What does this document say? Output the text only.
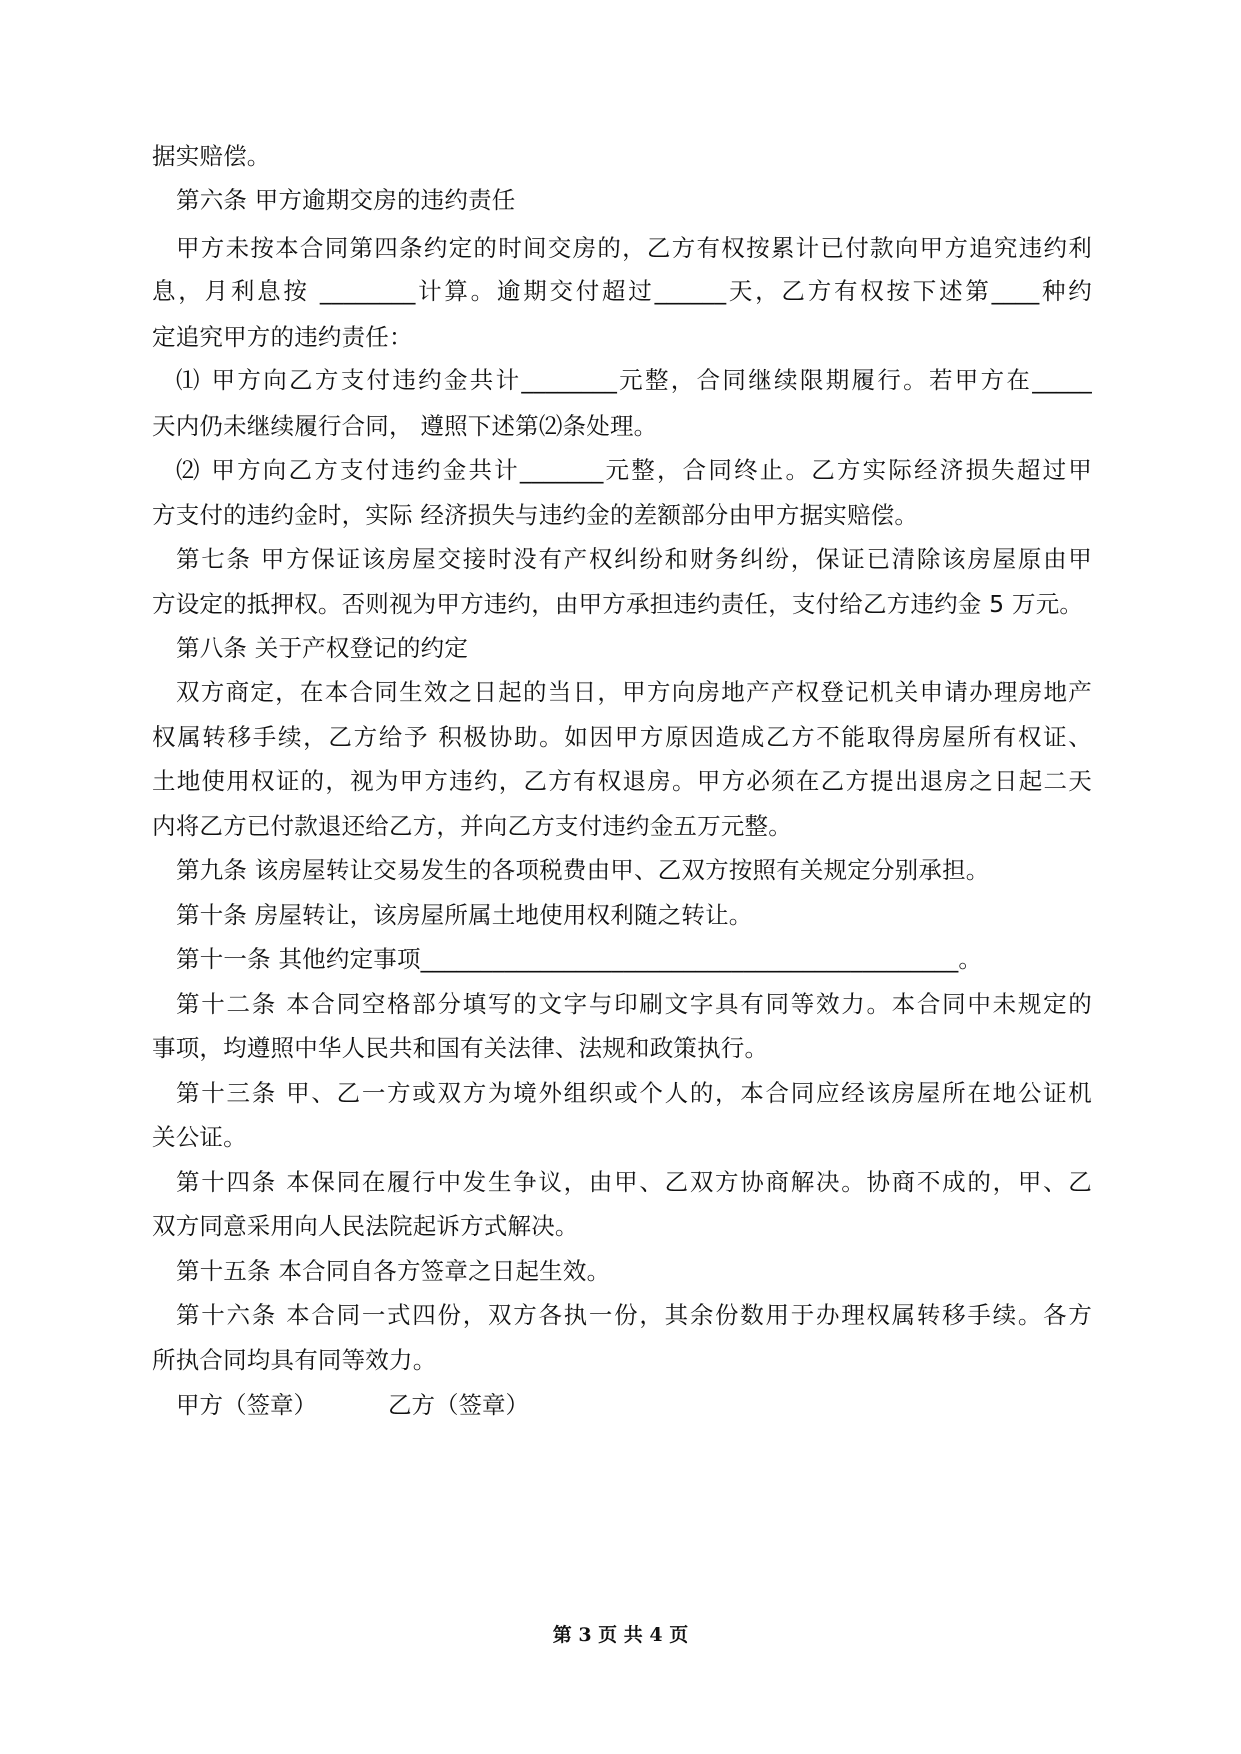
据实赔偿。
第六条 甲方逾期交房的违约责任
甲方未按本合同第四条约定的时间交房的，乙方有权按累计已付款向甲方追究违约利
息，月利息按 ________计算。逾期交付超过______天，乙方有权按下述第____种约
定追究甲方的违约责任：
⑴ 甲方向乙方支付违约金共计________元整，合同继续限期履行。若甲方在_____
天内仍未继续履行合同， 遵照下述第⑵条处理。
⑵ 甲方向乙方支付违约金共计_______元整，合同终止。乙方实际经济损失超过甲
方支付的违约金时，实际 经济损失与违约金的差额部分由甲方据实赔偿。
第七条 甲方保证该房屋交接时没有产权纠纷和财务纠纷，保证已清除该房屋原由甲
方设定的抵押权。否则视为甲方违约，由甲方承担违约责任，支付给乙方违约金 5 万元。
第八条 关于产权登记的约定
双方商定，在本合同生效之日起的当日，甲方向房地产产权登记机关申请办理房地产
权属转移手续，乙方给予 积极协助。如因甲方原因造成乙方不能取得房屋所有权证、
土地使用权证的，视为甲方违约，乙方有权退房。甲方必须在乙方提出退房之日起二天
内将乙方已付款退还给乙方，并向乙方支付违约金五万元整。
第九条 该房屋转让交易发生的各项税费由甲、乙双方按照有关规定分别承担。
第十条 房屋转让，该房屋所属土地使用权利随之转让。
第十一条 其他约定事项_____________________________________________。
第十二条 本合同空格部分填写的文字与印刷文字具有同等效力。本合同中未规定的
事项，均遵照中华人民共和国有关法律、法规和政策执行。
第十三条 甲、乙一方或双方为境外组织或个人的，本合同应经该房屋所在地公证机
关公证。
第十四条 本保同在履行中发生争议，由甲、乙双方协商解决。协商不成的，甲、乙
双方同意采用向人民法院起诉方式解决。
第十五条 本合同自各方签章之日起生效。
第十六条 本合同一式四份，双方各执一份，其余份数用于办理权属转移手续。各方
所执合同均具有同等效力。
甲方（签章）	乙方（签章）
第 3 页 共 4 页
